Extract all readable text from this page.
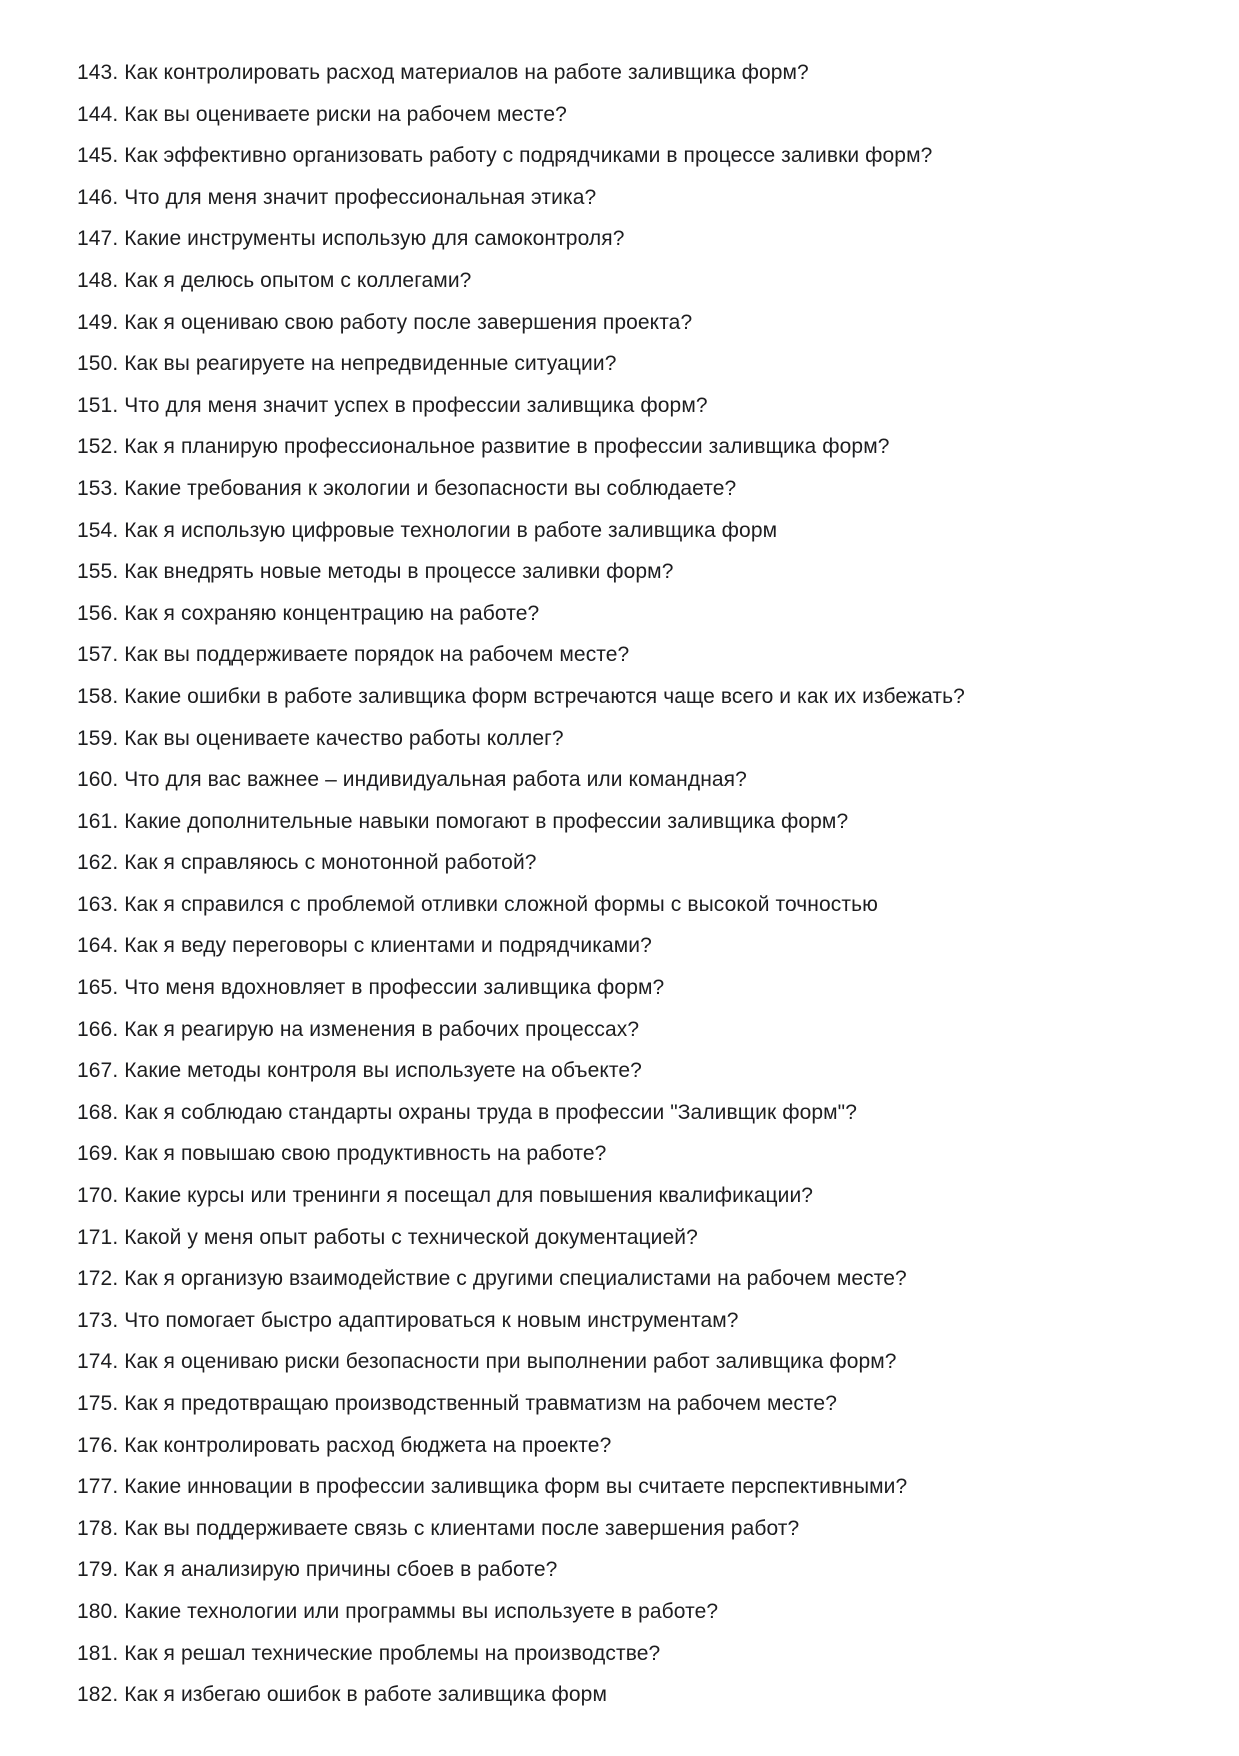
143. Как контролировать расход материалов на работе заливщика форм?
144. Как вы оцениваете риски на рабочем месте?
145. Как эффективно организовать работу с подрядчиками в процессе заливки форм?
146. Что для меня значит профессиональная этика?
147. Какие инструменты использую для самоконтроля?
148. Как я делюсь опытом с коллегами?
149. Как я оцениваю свою работу после завершения проекта?
150. Как вы реагируете на непредвиденные ситуации?
151. Что для меня значит успех в профессии заливщика форм?
152. Как я планирую профессиональное развитие в профессии заливщика форм?
153. Какие требования к экологии и безопасности вы соблюдаете?
154. Как я использую цифровые технологии в работе заливщика форм
155. Как внедрять новые методы в процессе заливки форм?
156. Как я сохраняю концентрацию на работе?
157. Как вы поддерживаете порядок на рабочем месте?
158. Какие ошибки в работе заливщика форм встречаются чаще всего и как их избежать?
159. Как вы оцениваете качество работы коллег?
160. Что для вас важнее – индивидуальная работа или командная?
161. Какие дополнительные навыки помогают в профессии заливщика форм?
162. Как я справляюсь с монотонной работой?
163. Как я справился с проблемой отливки сложной формы с высокой точностью
164. Как я веду переговоры с клиентами и подрядчиками?
165. Что меня вдохновляет в профессии заливщика форм?
166. Как я реагирую на изменения в рабочих процессах?
167. Какие методы контроля вы используете на объекте?
168. Как я соблюдаю стандарты охраны труда в профессии "Заливщик форм"?
169. Как я повышаю свою продуктивность на работе?
170. Какие курсы или тренинги я посещал для повышения квалификации?
171. Какой у меня опыт работы с технической документацией?
172. Как я организую взаимодействие с другими специалистами на рабочем месте?
173. Что помогает быстро адаптироваться к новым инструментам?
174. Как я оцениваю риски безопасности при выполнении работ заливщика форм?
175. Как я предотвращаю производственный травматизм на рабочем месте?
176. Как контролировать расход бюджета на проекте?
177. Какие инновации в профессии заливщика форм вы считаете перспективными?
178. Как вы поддерживаете связь с клиентами после завершения работ?
179. Как я анализирую причины сбоев в работе?
180. Какие технологии или программы вы используете в работе?
181. Как я решал технические проблемы на производстве?
182. Как я избегаю ошибок в работе заливщика форм
